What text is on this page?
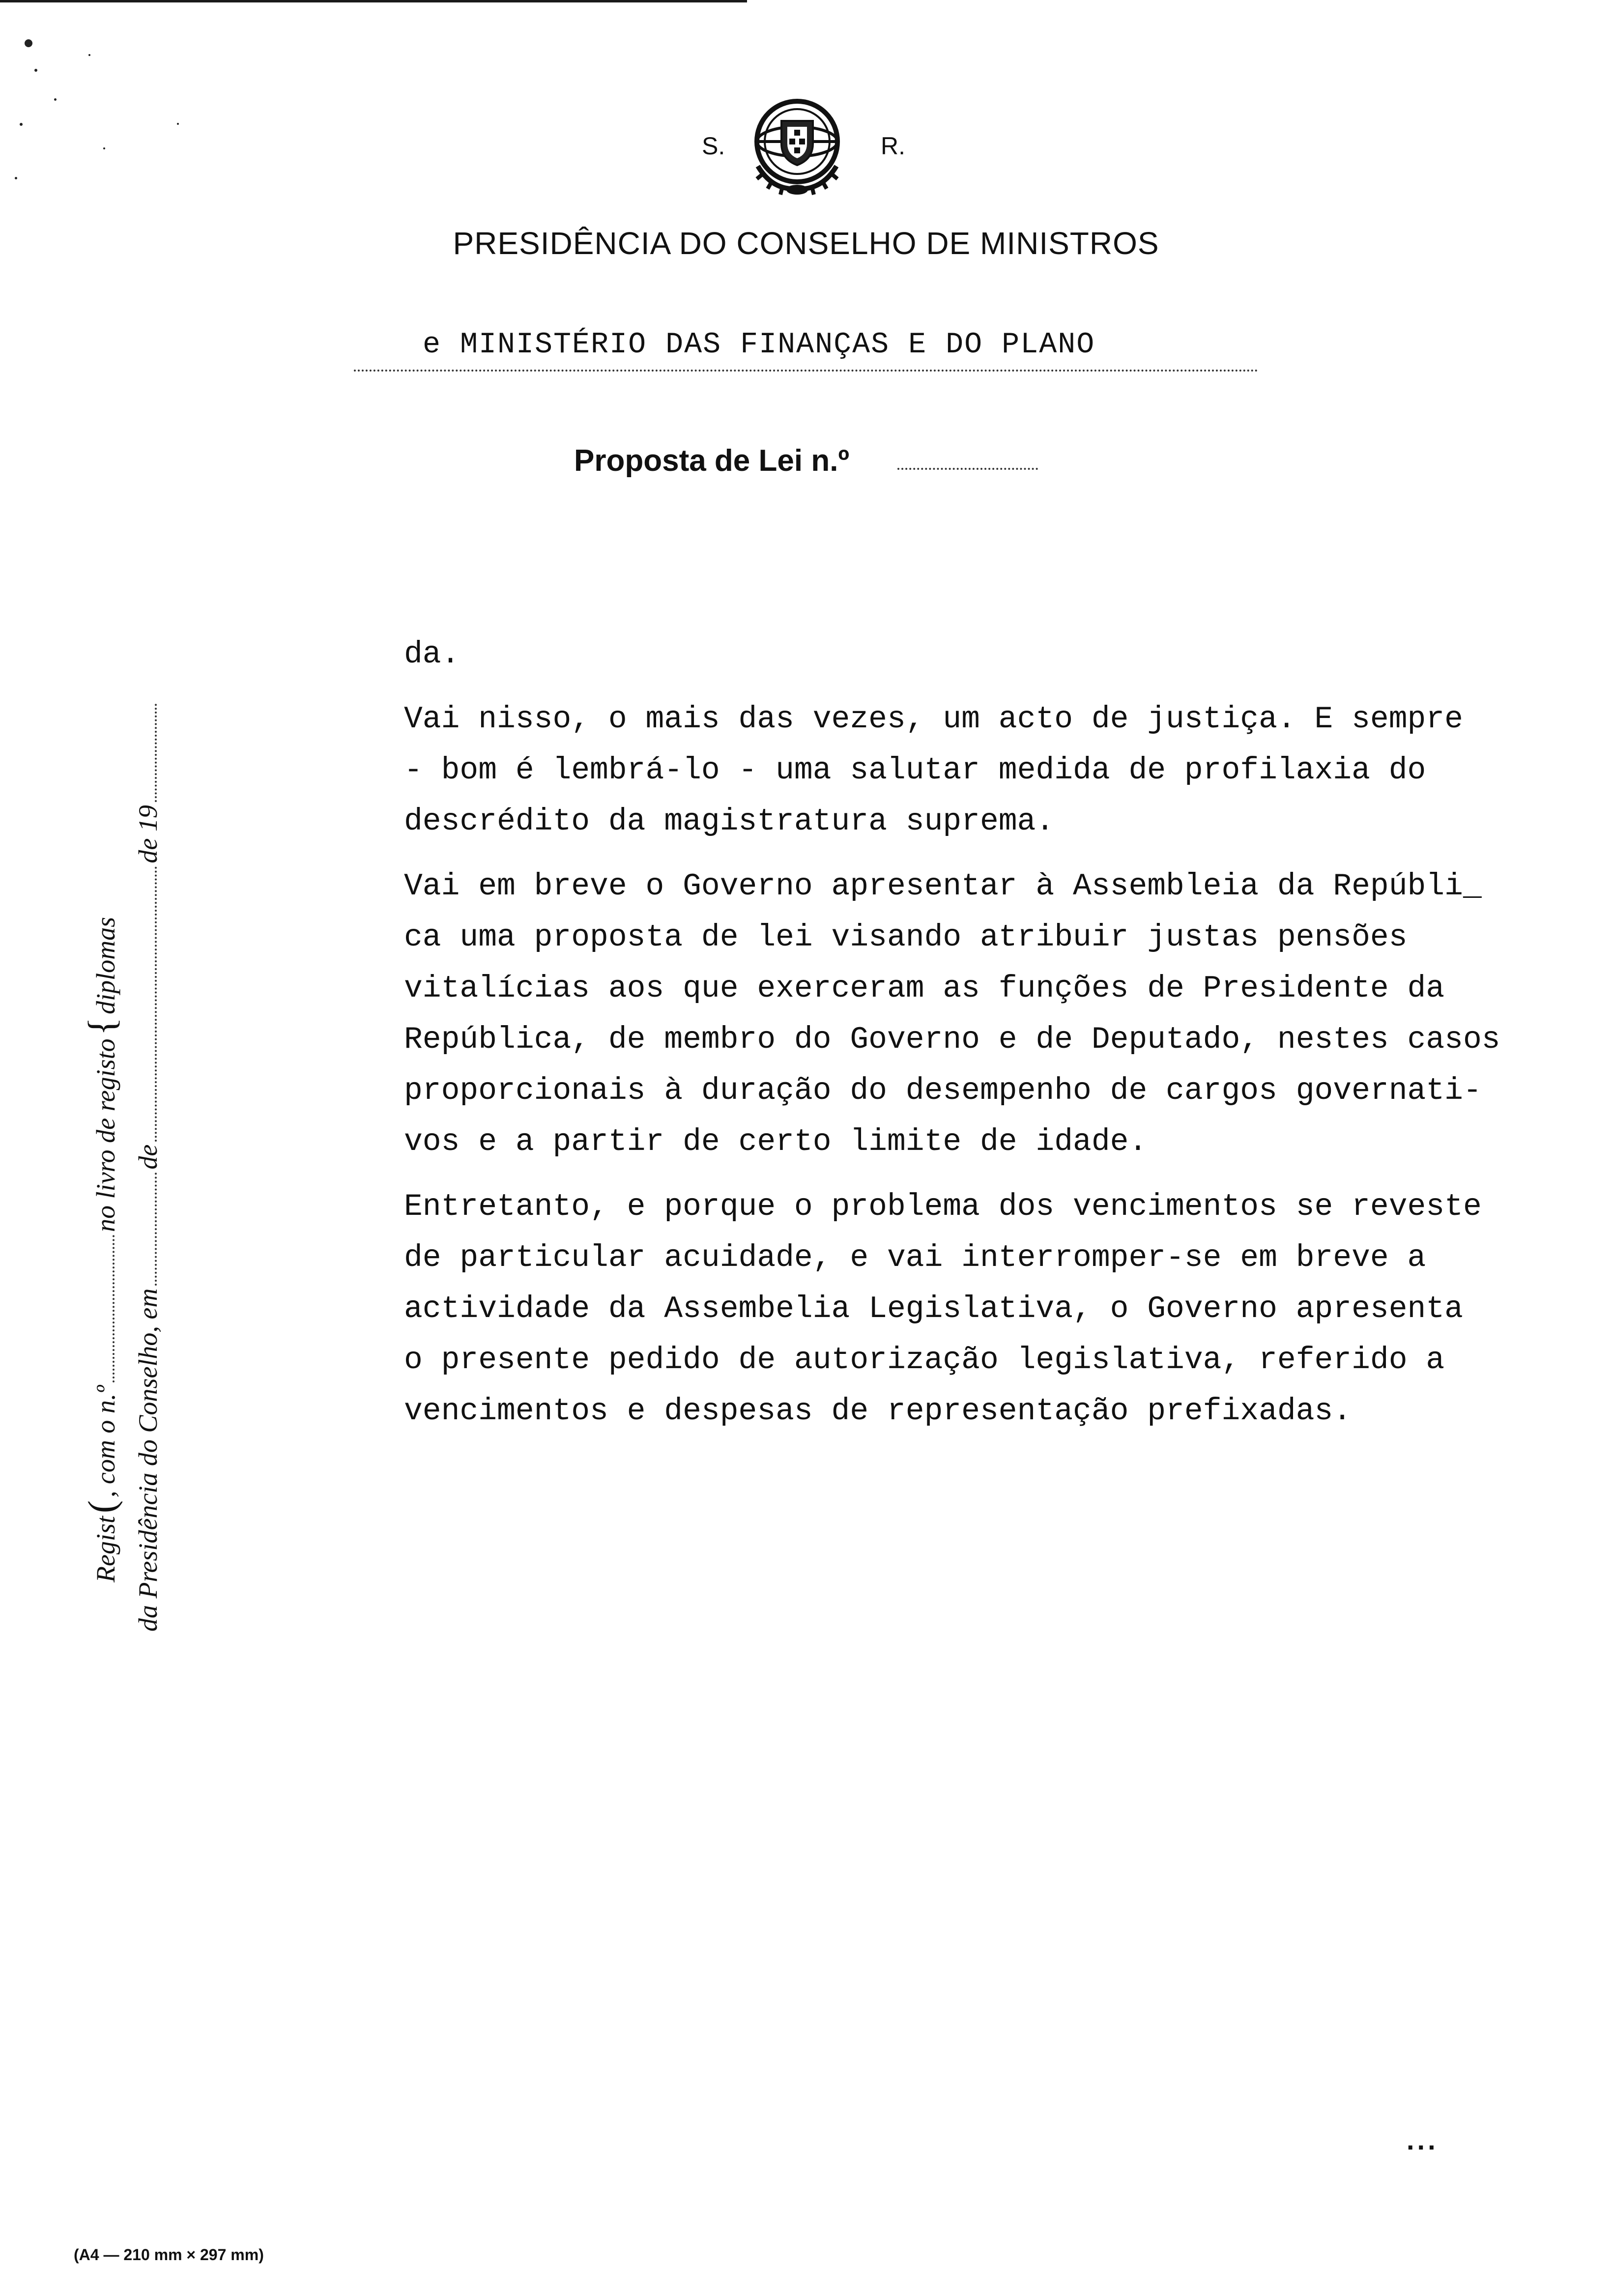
S.	R.
PRESIDÊNCIA DO CONSELHO DE MINISTROS
e MINISTÉRIO DAS FINANÇAS E DO PLANO
Proposta de Lei n.º
da.
Vai nisso, o mais das vezes, um acto de justiça. E sempre
- bom é lembrá-lo - uma salutar medida de profilaxia do
descrédito da magistratura suprema.
Vai em breve o Governo apresentar à Assembleia da Repúbli_
ca uma proposta de lei visando atribuir justas pensões
vitalícias aos que exerceram as funções de Presidente da
República, de membro do Governo e de Deputado, nestes casos
proporcionais à duração do desempenho de cargos governati-
vos e a partir de certo limite de idade.
Entretanto, e porque o problema dos vencimentos se reveste
de particular acuidade, e vai interromper-se em breve a
actividade da Assembelia Legislativa, o Governo apresenta
o presente pedido de autorização legislativa, referido a
vencimentos e despesas de representação prefixadas.
Regist(, com o n.ºno livro de registo{diplomas
da Presidência do Conselho, emdede 19
...
(A4 — 210 mm × 297 mm)
